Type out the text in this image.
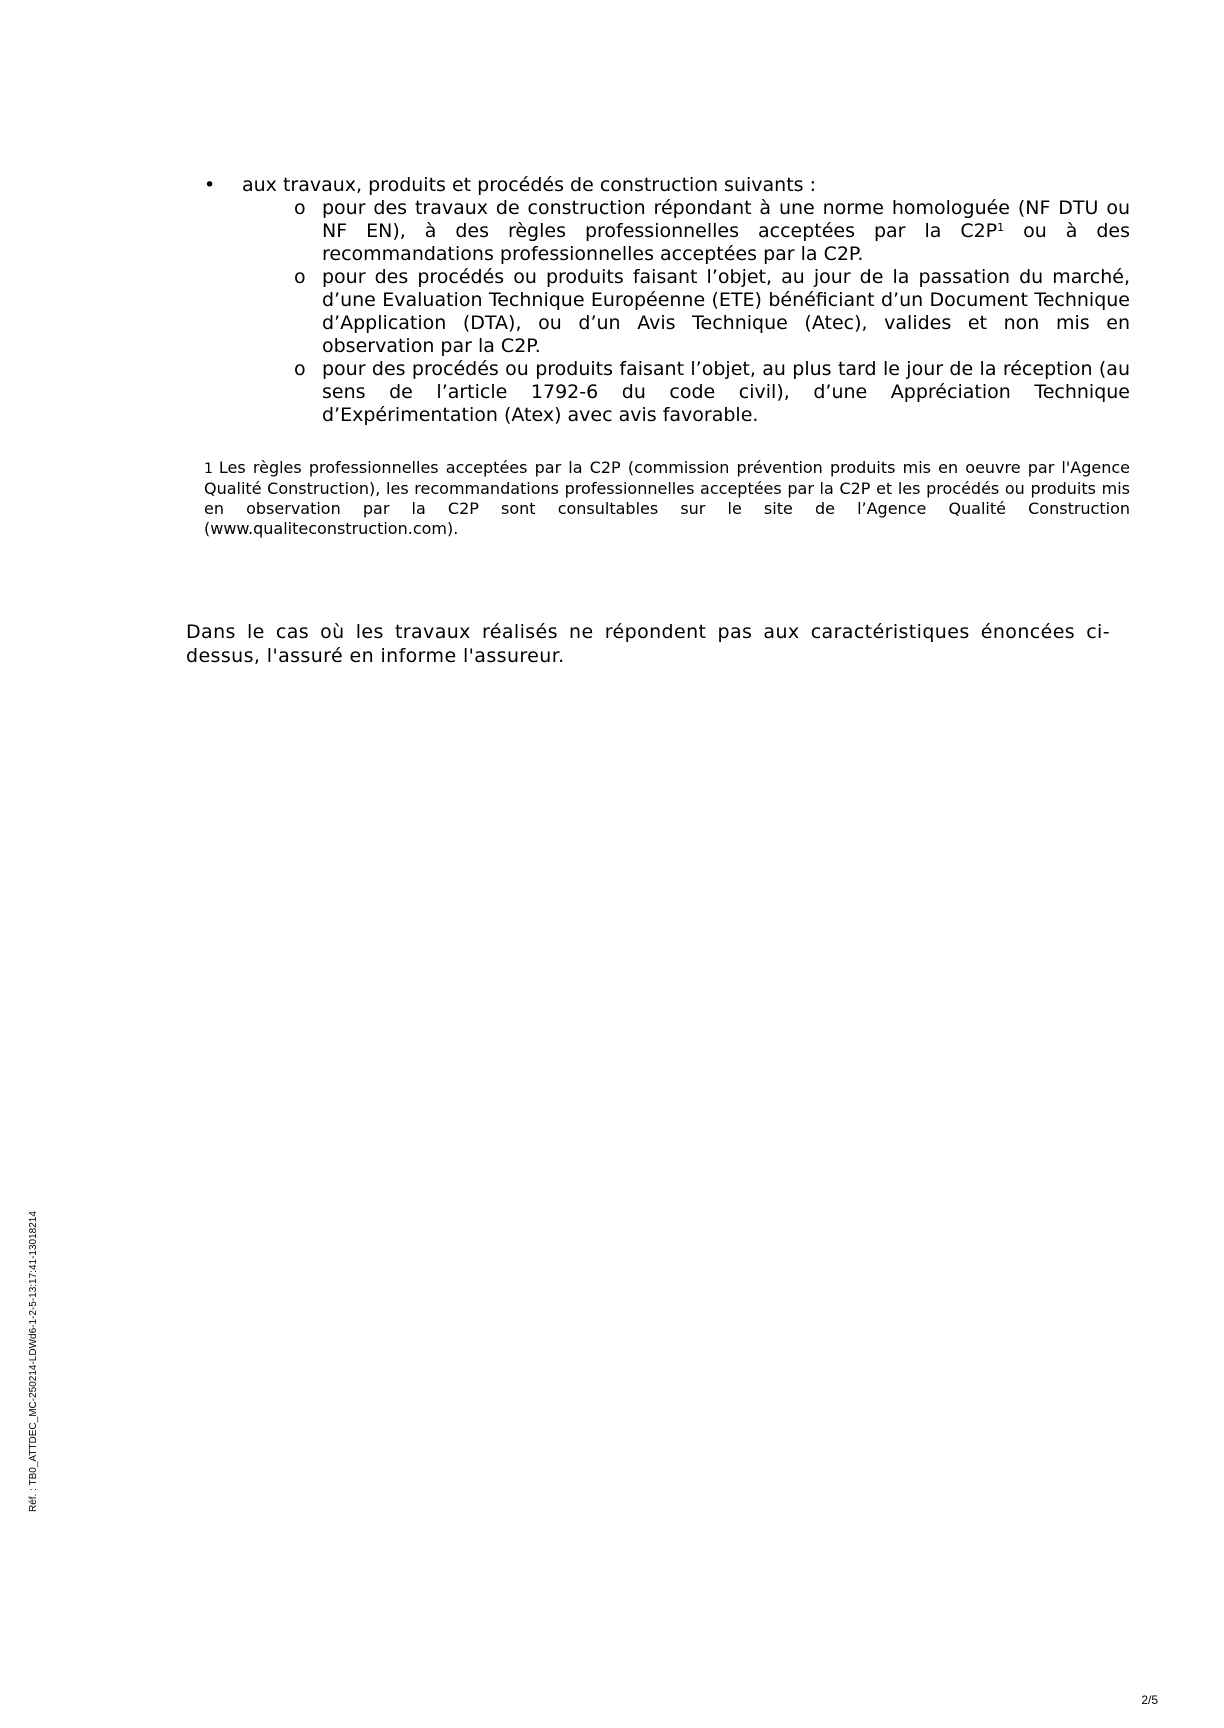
•	aux travaux, produits et procédés de construction suivants :
o pour des travaux de construction répondant à une norme homologuée (NF DTU ou NF EN), à des règles professionnelles acceptées par la $C2P^1$ ou à des recommandations professionnelles acceptées par la C2P.
o pour des procédés ou produits faisant l’objet, au jour de la passation du marché, d’une Evaluation Technique Européenne (ETE) bénéficiant d’un Document Technique d’Application (DTA), ou d’un Avis Technique (Atec), valides et non mis en observation par la C2P.
o pour des procédés ou produits faisant l’objet, au plus tard le jour de la réception (au sens de l’article 1792-6 du code civil), d’une Appréciation Technique d’Expérimentation (Atex) avec avis favorable.
1 Les règles professionnelles acceptées par la C2P (commission prévention produits mis en oeuvre par l'Agence Qualité Construction), les recommandations professionnelles acceptées par la C2P et les procédés ou produits mis en observation par la C2P sont consultables sur le site de l’Agence Qualité Construction (www.qualiteconstruction.com).
Dans le cas où les travaux réalisés ne répondent pas aux caractéristiques énoncées ci-dessus, l'assuré en informe l'assureur.
Réf. : TB0_ATTDEC_MC-250214-LDWd6-1-2-5-13:17:41-13018214
2/5
